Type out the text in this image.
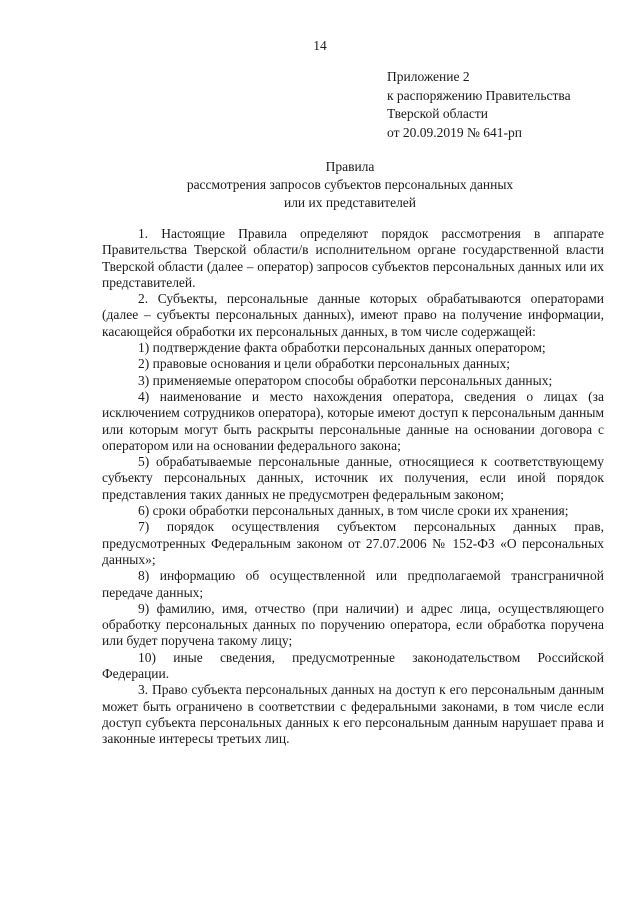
14
Приложение 2
к распоряжению Правительства
Тверской области
от 20.09.2019 № 641-рп
Правила
рассмотрения запросов субъектов персональных данных
или их представителей

1. Настоящие Правила определяют порядок рассмотрения в аппарате Правительства Тверской области/в исполнительном органе государственной власти Тверской области (далее – оператор) запросов субъектов персональных данных или их представителей.

2. Субъекты, персональные данные которых обрабатываются операторами (далее – субъекты персональных данных), имеют право на получение информации, касающейся обработки их персональных данных, в том числе содержащей:

1) подтверждение факта обработки персональных данных оператором;

2) правовые основания и цели обработки персональных данных;

3) применяемые оператором способы обработки персональных данных;

4) наименование и место нахождения оператора, сведения о лицах (за исключением сотрудников оператора), которые имеют доступ к персональным данным или которым могут быть раскрыты персональные данные на основании договора с оператором или на основании федерального закона;

5) обрабатываемые персональные данные, относящиеся к соответствующему субъекту персональных данных, источник их получения, если иной порядок представления таких данных не предусмотрен федеральным законом;

6) сроки обработки персональных данных, в том числе сроки их хранения;

7) порядок осуществления субъектом персональных данных прав, предусмотренных Федеральным законом от 27.07.2006 № 152-ФЗ «О персональных данных»;

8) информацию об осуществленной или предполагаемой трансграничной передаче данных;

9) фамилию, имя, отчество (при наличии) и адрес лица, осуществляющего обработку персональных данных по поручению оператора, если обработка поручена или будет поручена такому лицу;

10) иные сведения, предусмотренные законодательством Российской Федерации.

3. Право субъекта персональных данных на доступ к его персональным данным может быть ограничено в соответствии с федеральными законами, в том числе если доступ субъекта персональных данных к его персональным данным нарушает права и законные интересы третьих лиц.
